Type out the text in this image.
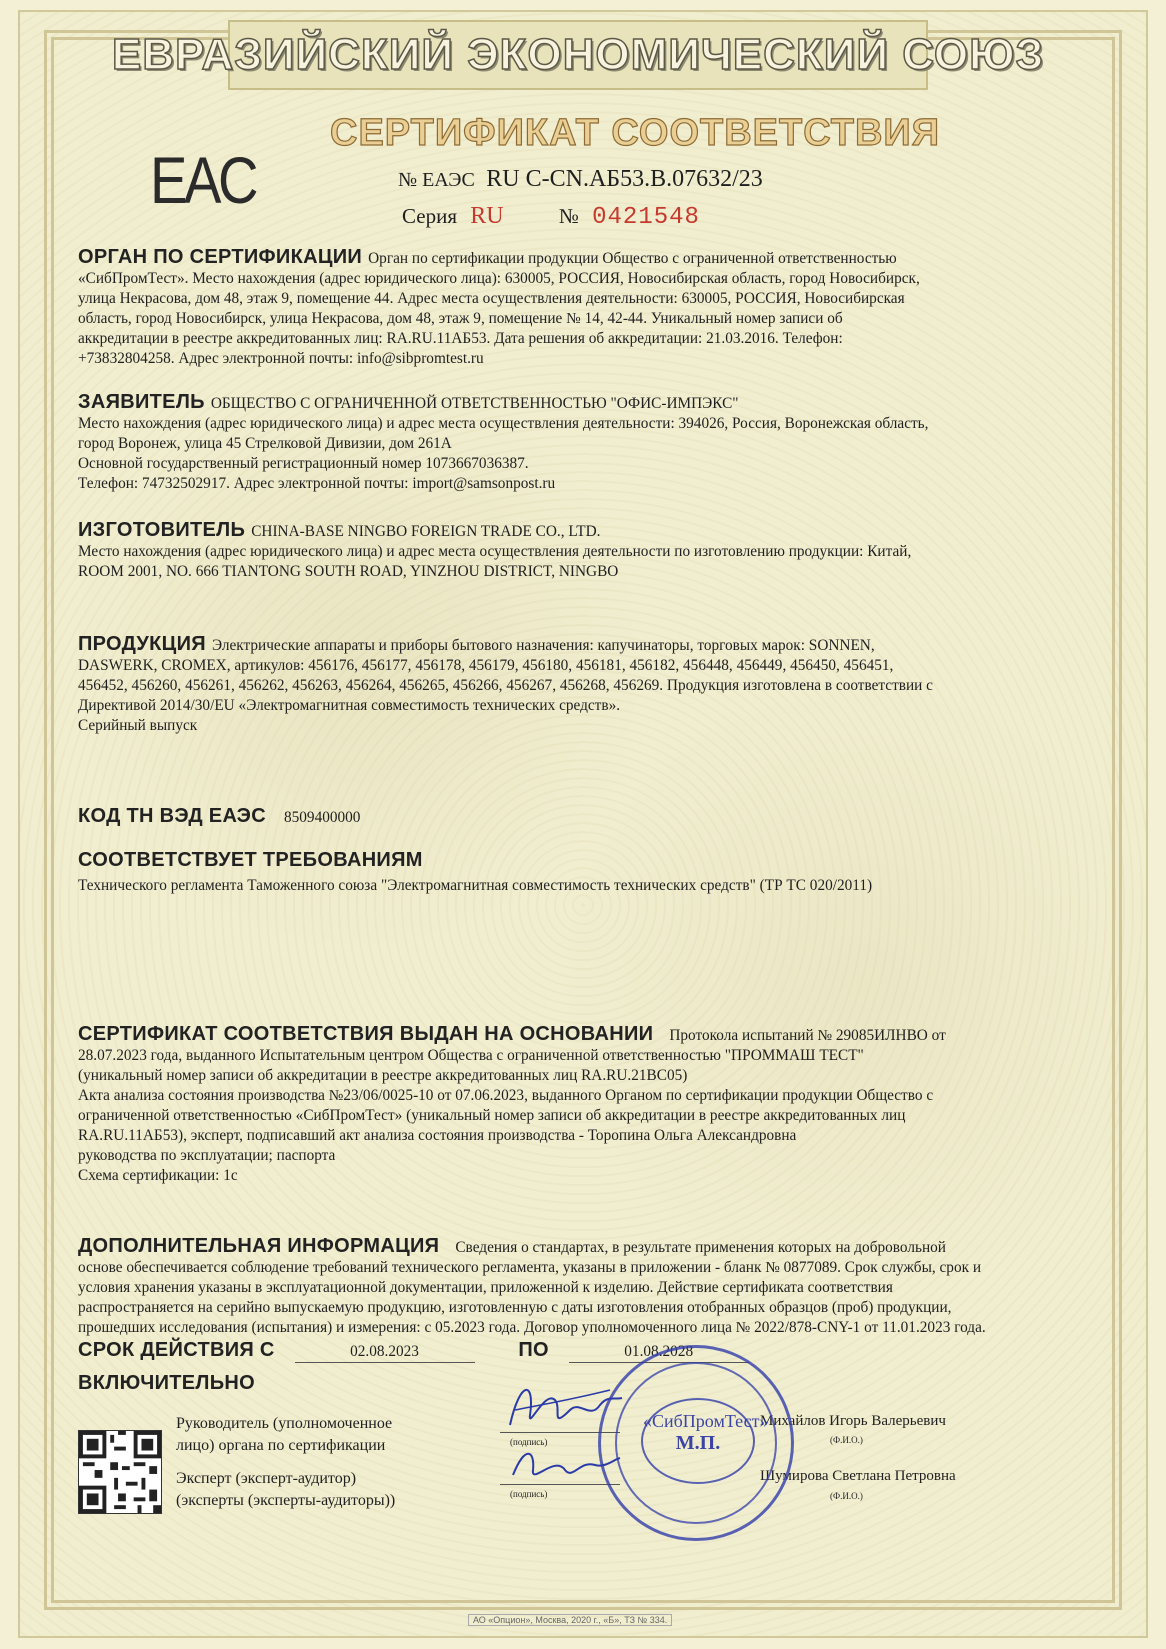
ЕВРАЗИЙСКИЙ ЭКОНОМИЧЕСКИЙ СОЮЗ
СЕРТИФИКАТ СООТВЕТСТВИЯ
EAC	№ ЕАЭС RU С-CN.АБ53.В.07632/23
Серия RU	№ 0421548
ОРГАН ПО СЕРТИФИКАЦИИ Орган по сертификации продукции Общество с ограниченной ответственностью
«СибПромТест». Место нахождения (адрес юридического лица): 630005, РОССИЯ, Новосибирская область, город Новосибирск,
улица Некрасова, дом 48, этаж 9, помещение 44. Адрес места осуществления деятельности: 630005, РОССИЯ, Новосибирская
область, город Новосибирск, улица Некрасова, дом 48, этаж 9, помещение № 14, 42-44. Уникальный номер записи об
аккредитации в реестре аккредитованных лиц: RA.RU.11АБ53. Дата решения об аккредитации: 21.03.2016. Телефон:
+73832804258. Адрес электронной почты: info@sibpromtest.ru
ЗАЯВИТЕЛЬ ОБЩЕСТВО С ОГРАНИЧЕННОЙ ОТВЕТСТВЕННОСТЬЮ "ОФИС-ИМПЭКС"
Место нахождения (адрес юридического лица) и адрес места осуществления деятельности: 394026, Россия, Воронежская область,
город Воронеж, улица 45 Стрелковой Дивизии, дом 261А
Основной государственный регистрационный номер 1073667036387.
Телефон: 74732502917. Адрес электронной почты: import@samsonpost.ru
ИЗГОТОВИТЕЛЬ CHINA-BASE NINGBO FOREIGN TRADE CO., LTD.
Место нахождения (адрес юридического лица) и адрес места осуществления деятельности по изготовлению продукции: Китай,
ROOM 2001, NO. 666 TIANTONG SOUTH ROAD, YINZHOU DISTRICT, NINGBO
ПРОДУКЦИЯ Электрические аппараты и приборы бытового назначения: капучинаторы, торговых марок: SONNEN,
DASWERK, CROMEX, артикулов: 456176, 456177, 456178, 456179, 456180, 456181, 456182, 456448, 456449, 456450, 456451,
456452, 456260, 456261, 456262, 456263, 456264, 456265, 456266, 456267, 456268, 456269. Продукция изготовлена в соответствии с
Директивой 2014/30/EU «Электромагнитная совместимость технических средств».
Серийный выпуск
КОД ТН ВЭД ЕАЭС 8509400000
СООТВЕТСТВУЕТ ТРЕБОВАНИЯМ
Технического регламента Таможенного союза "Электромагнитная совместимость технических средств" (ТР ТС 020/2011)
СЕРТИФИКАТ СООТВЕТСТВИЯ ВЫДАН НА ОСНОВАНИИ Протокола испытаний № 29085ИЛНВО от
28.07.2023 года, выданного Испытательным центром Общества с ограниченной ответственностью "ПРОММАШ ТЕСТ"
(уникальный номер записи об аккредитации в реестре аккредитованных лиц RA.RU.21ВС05)
Акта анализа состояния производства №23/06/0025-10 от 07.06.2023, выданного Органом по сертификации продукции Общество с
ограниченной ответственностью «СибПромТест» (уникальный номер записи об аккредитации в реестре аккредитованных лиц
RA.RU.11АБ53), эксперт, подписавший акт анализа состояния производства - Торопина Ольга Александровна
руководства по эксплуатации; паспорта
Схема сертификации: 1с
ДОПОЛНИТЕЛЬНАЯ ИНФОРМАЦИЯ Сведения о стандартах, в результате применения которых на добровольной
основе обеспечивается соблюдение требований технического регламента, указаны в приложении - бланк № 0877089. Срок службы, срок и
условия хранения указаны в эксплуатационной документации, приложенной к изделию. Действие сертификата соответствия
распространяется на серийно выпускаемую продукцию, изготовленную с даты изготовления отобранных образцов (проб) продукции,
прошедших исследования (испытания) и измерения: с 05.2023 года. Договор уполномоченного лица № 2022/878-CNY-1 от 11.01.2023 года.
СРОК ДЕЙСТВИЯ С	02.08.2023	ПО	01.08.2028
ВКЛЮЧИТЕЛЬНО
Руководитель (уполномоченное
лицо) органа по сертификации
Эксперт (эксперт-аудитор)
(эксперты (эксперты-аудиторы))
(подпись)
(подпись)
Михайлов Игорь Валерьевич
(Ф.И.О.)
Шумирова Светлана Петровна
(Ф.И.О.)
«СибПромТест»
М.П.
АО «Опцион», Москва, 2020 г., «Б», ТЗ № 334.
